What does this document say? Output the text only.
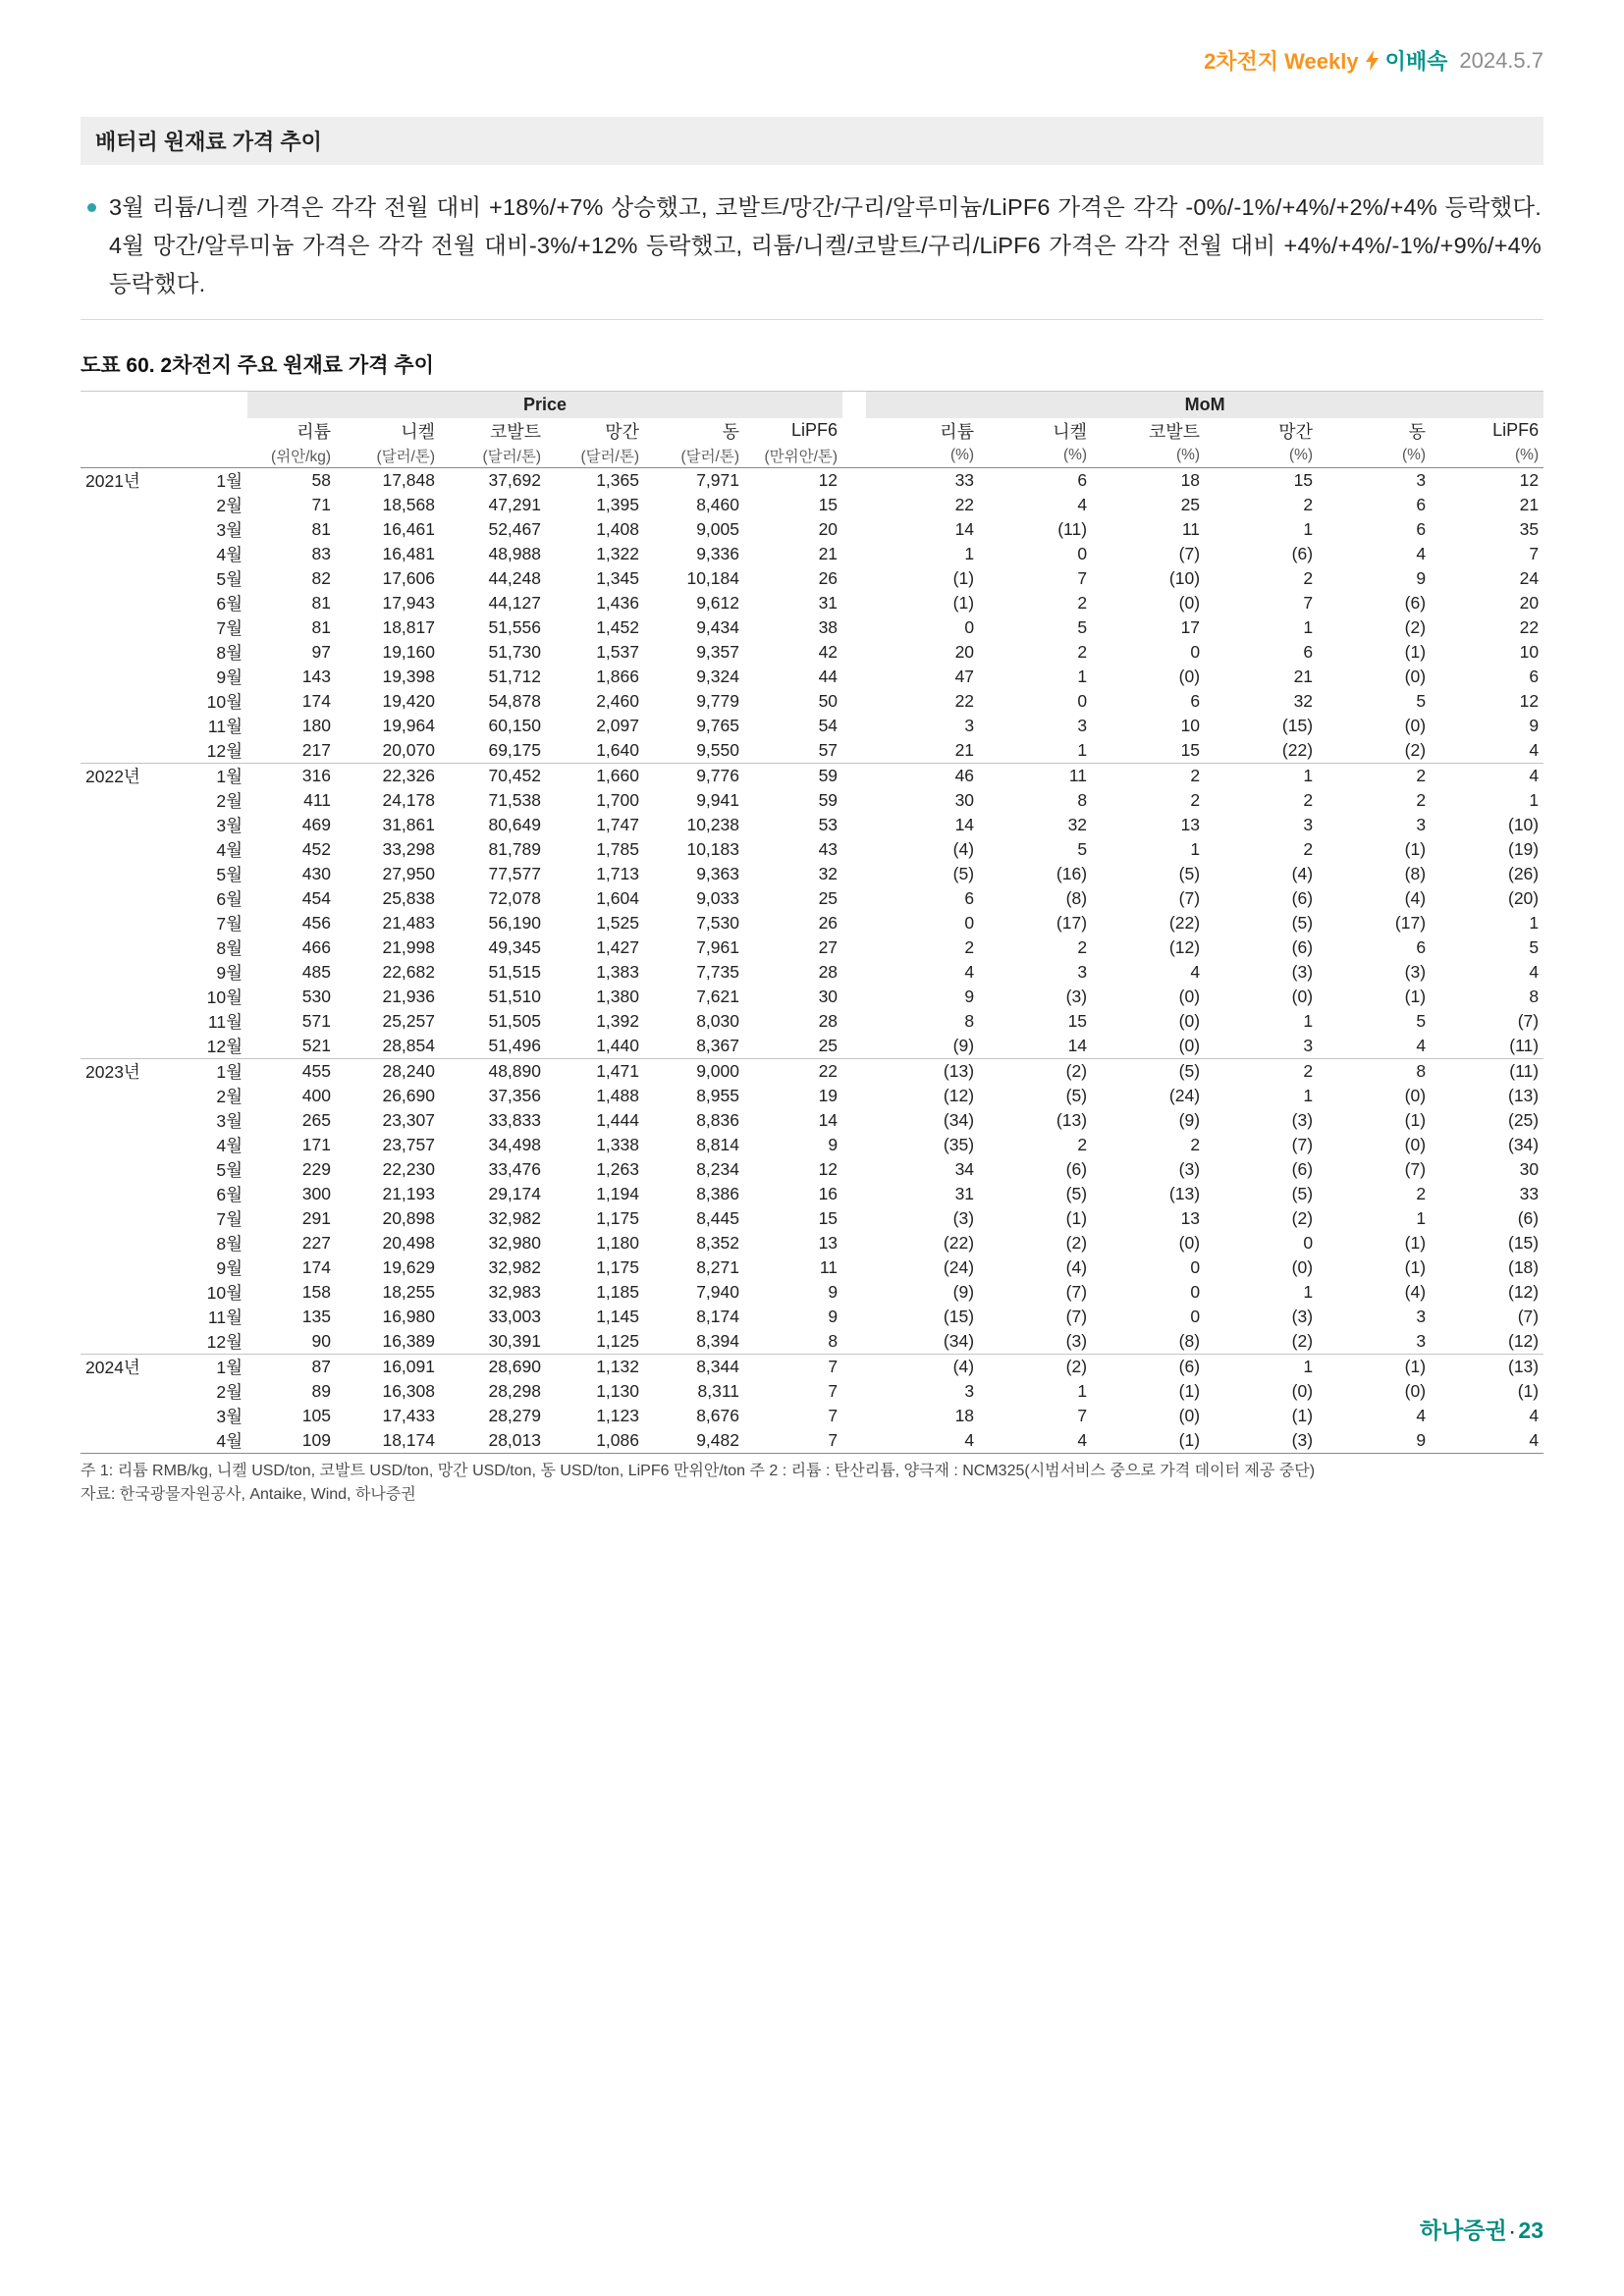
2차전지 Weekly 이배속 2024.5.7
배터리 원재료 가격 추이

3월 리튬/니켈 가격은 각각 전월 대비 +18%/+7% 상승했고, 코발트/망간/구리/알루미늄/LiPF6 가격은 각각 -0%/-1%/+4%/+2%/+4% 등락했다. 4월 망간/알루미늄 가격은 각각 전월 대비-3%/+12% 등락했고, 리튬/니켈/코발트/구리/LiPF6 가격은 각각 전월 대비 +4%/+4%/-1%/+9%/+4% 등락했다.

도표 60. 2차전지 주요 원재료 가격 추이
		Price							MoM					
		리튬	니켈	코발트	망간	동	LiPF6		리튬	니켈	코발트	망간	동	LiPF6
		(위안/kg)	(달러/톤)	(달러/톤)	(달러/톤)	(달러/톤)	(만위안/톤)		(%)	(%)	(%)	(%)	(%)	(%)
2021년	1월	58	17,848	37,692	1,365	7,971	12		33	6	18	15	3	12
	2월	71	18,568	47,291	1,395	8,460	15		22	4	25	2	6	21
	3월	81	16,461	52,467	1,408	9,005	20		14	(11)	11	1	6	35
	4월	83	16,481	48,988	1,322	9,336	21		1	0	(7)	(6)	4	7
	5월	82	17,606	44,248	1,345	10,184	26		(1)	7	(10)	2	9	24
	6월	81	17,943	44,127	1,436	9,612	31		(1)	2	(0)	7	(6)	20
	7월	81	18,817	51,556	1,452	9,434	38		0	5	17	1	(2)	22
	8월	97	19,160	51,730	1,537	9,357	42		20	2	0	6	(1)	10
	9월	143	19,398	51,712	1,866	9,324	44		47	1	(0)	21	(0)	6
	10월	174	19,420	54,878	2,460	9,779	50		22	0	6	32	5	12
	11월	180	19,964	60,150	2,097	9,765	54		3	3	10	(15)	(0)	9
	12월	217	20,070	69,175	1,640	9,550	57		21	1	15	(22)	(2)	4
2022년	1월	316	22,326	70,452	1,660	9,776	59		46	11	2	1	2	4
	2월	411	24,178	71,538	1,700	9,941	59		30	8	2	2	2	1
	3월	469	31,861	80,649	1,747	10,238	53		14	32	13	3	3	(10)
	4월	452	33,298	81,789	1,785	10,183	43		(4)	5	1	2	(1)	(19)
	5월	430	27,950	77,577	1,713	9,363	32		(5)	(16)	(5)	(4)	(8)	(26)
	6월	454	25,838	72,078	1,604	9,033	25		6	(8)	(7)	(6)	(4)	(20)
	7월	456	21,483	56,190	1,525	7,530	26		0	(17)	(22)	(5)	(17)	1
	8월	466	21,998	49,345	1,427	7,961	27		2	2	(12)	(6)	6	5
	9월	485	22,682	51,515	1,383	7,735	28		4	3	4	(3)	(3)	4
	10월	530	21,936	51,510	1,380	7,621	30		9	(3)	(0)	(0)	(1)	8
	11월	571	25,257	51,505	1,392	8,030	28		8	15	(0)	1	5	(7)
	12월	521	28,854	51,496	1,440	8,367	25		(9)	14	(0)	3	4	(11)
2023년	1월	455	28,240	48,890	1,471	9,000	22		(13)	(2)	(5)	2	8	(11)
	2월	400	26,690	37,356	1,488	8,955	19		(12)	(5)	(24)	1	(0)	(13)
	3월	265	23,307	33,833	1,444	8,836	14		(34)	(13)	(9)	(3)	(1)	(25)
	4월	171	23,757	34,498	1,338	8,814	9		(35)	2	2	(7)	(0)	(34)
	5월	229	22,230	33,476	1,263	8,234	12		34	(6)	(3)	(6)	(7)	30
	6월	300	21,193	29,174	1,194	8,386	16		31	(5)	(13)	(5)	2	33
	7월	291	20,898	32,982	1,175	8,445	15		(3)	(1)	13	(2)	1	(6)
	8월	227	20,498	32,980	1,180	8,352	13		(22)	(2)	(0)	0	(1)	(15)
	9월	174	19,629	32,982	1,175	8,271	11		(24)	(4)	0	(0)	(1)	(18)
	10월	158	18,255	32,983	1,185	7,940	9		(9)	(7)	0	1	(4)	(12)
	11월	135	16,980	33,003	1,145	8,174	9		(15)	(7)	0	(3)	3	(7)
	12월	90	16,389	30,391	1,125	8,394	8		(34)	(3)	(8)	(2)	3	(12)
2024년	1월	87	16,091	28,690	1,132	8,344	7		(4)	(2)	(6)	1	(1)	(13)
	2월	89	16,308	28,298	1,130	8,311	7		3	1	(1)	(0)	(0)	(1)
	3월	105	17,433	28,279	1,123	8,676	7		18	7	(0)	(1)	4	4
	4월	109	18,174	28,013	1,086	9,482	7		4	4	(1)	(3)	9	4
주 1: 리튬 RMB/kg, 니켈 USD/ton, 코발트 USD/ton, 망간 USD/ton, 동 USD/ton, LiPF6 만위안/ton 주 2 : 리튬 : 탄산리튬, 양극재 : NCM325(시범서비스 중으로 가격 데이터 제공 중단)
자료: 한국광물자원공사, Antaike, Wind, 하나증권
하나증권 · 23
